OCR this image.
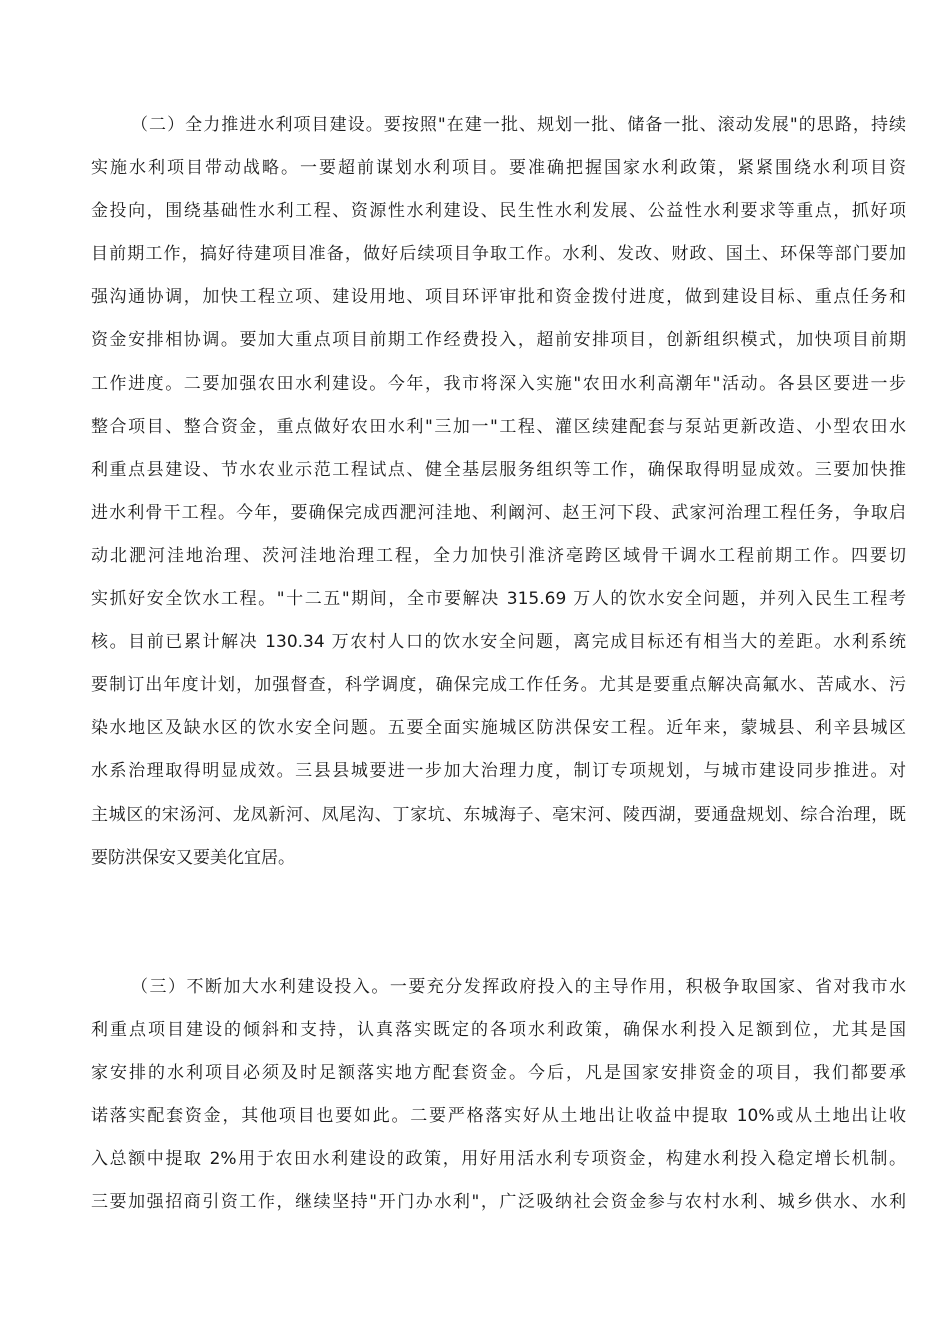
（二）全力推进水利项目建设。要按照"在建一批、规划一批、储备一批、滚动发展"的思路，持续
实施水利项目带动战略。一要超前谋划水利项目。要准确把握国家水利政策，紧紧围绕水利项目资
金投向，围绕基础性水利工程、资源性水利建设、民生性水利发展、公益性水利要求等重点，抓好项
目前期工作，搞好待建项目准备，做好后续项目争取工作。水利、发改、财政、国土、环保等部门要加
强沟通协调，加快工程立项、建设用地、项目环评审批和资金拨付进度，做到建设目标、重点任务和
资金安排相协调。要加大重点项目前期工作经费投入，超前安排项目，创新组织模式，加快项目前期
工作进度。二要加强农田水利建设。今年，我市将深入实施"农田水利高潮年"活动。各县区要进一步
整合项目、整合资金，重点做好农田水利"三加一"工程、灌区续建配套与泵站更新改造、小型农田水
利重点县建设、节水农业示范工程试点、健全基层服务组织等工作，确保取得明显成效。三要加快推
进水利骨干工程。今年，要确保完成西淝河洼地、利阚河、赵王河下段、武家河治理工程任务，争取启
动北淝河洼地治理、茨河洼地治理工程，全力加快引淮济亳跨区域骨干调水工程前期工作。四要切
实抓好安全饮水工程。"十二五"期间，全市要解决 315.69 万人的饮水安全问题，并列入民生工程考
核。目前已累计解决 130.34 万农村人口的饮水安全问题，离完成目标还有相当大的差距。水利系统
要制订出年度计划，加强督查，科学调度，确保完成工作任务。尤其是要重点解决高氟水、苦咸水、污
染水地区及缺水区的饮水安全问题。五要全面实施城区防洪保安工程。近年来，蒙城县、利辛县城区
水系治理取得明显成效。三县县城要进一步加大治理力度，制订专项规划，与城市建设同步推进。对
主城区的宋汤河、龙凤新河、凤尾沟、丁家坑、东城海子、亳宋河、陵西湖，要通盘规划、综合治理，既
要防洪保安又要美化宜居。
（三）不断加大水利建设投入。一要充分发挥政府投入的主导作用，积极争取国家、省对我市水
利重点项目建设的倾斜和支持，认真落实既定的各项水利政策，确保水利投入足额到位，尤其是国
家安排的水利项目必须及时足额落实地方配套资金。今后，凡是国家安排资金的项目，我们都要承
诺落实配套资金，其他项目也要如此。二要严格落实好从土地出让收益中提取 10%或从土地出让收
入总额中提取 2%用于农田水利建设的政策，用好用活水利专项资金，构建水利投入稳定增长机制。
三要加强招商引资工作，继续坚持"开门办水利"，广泛吸纳社会资金参与农村水利、城乡供水、水利
